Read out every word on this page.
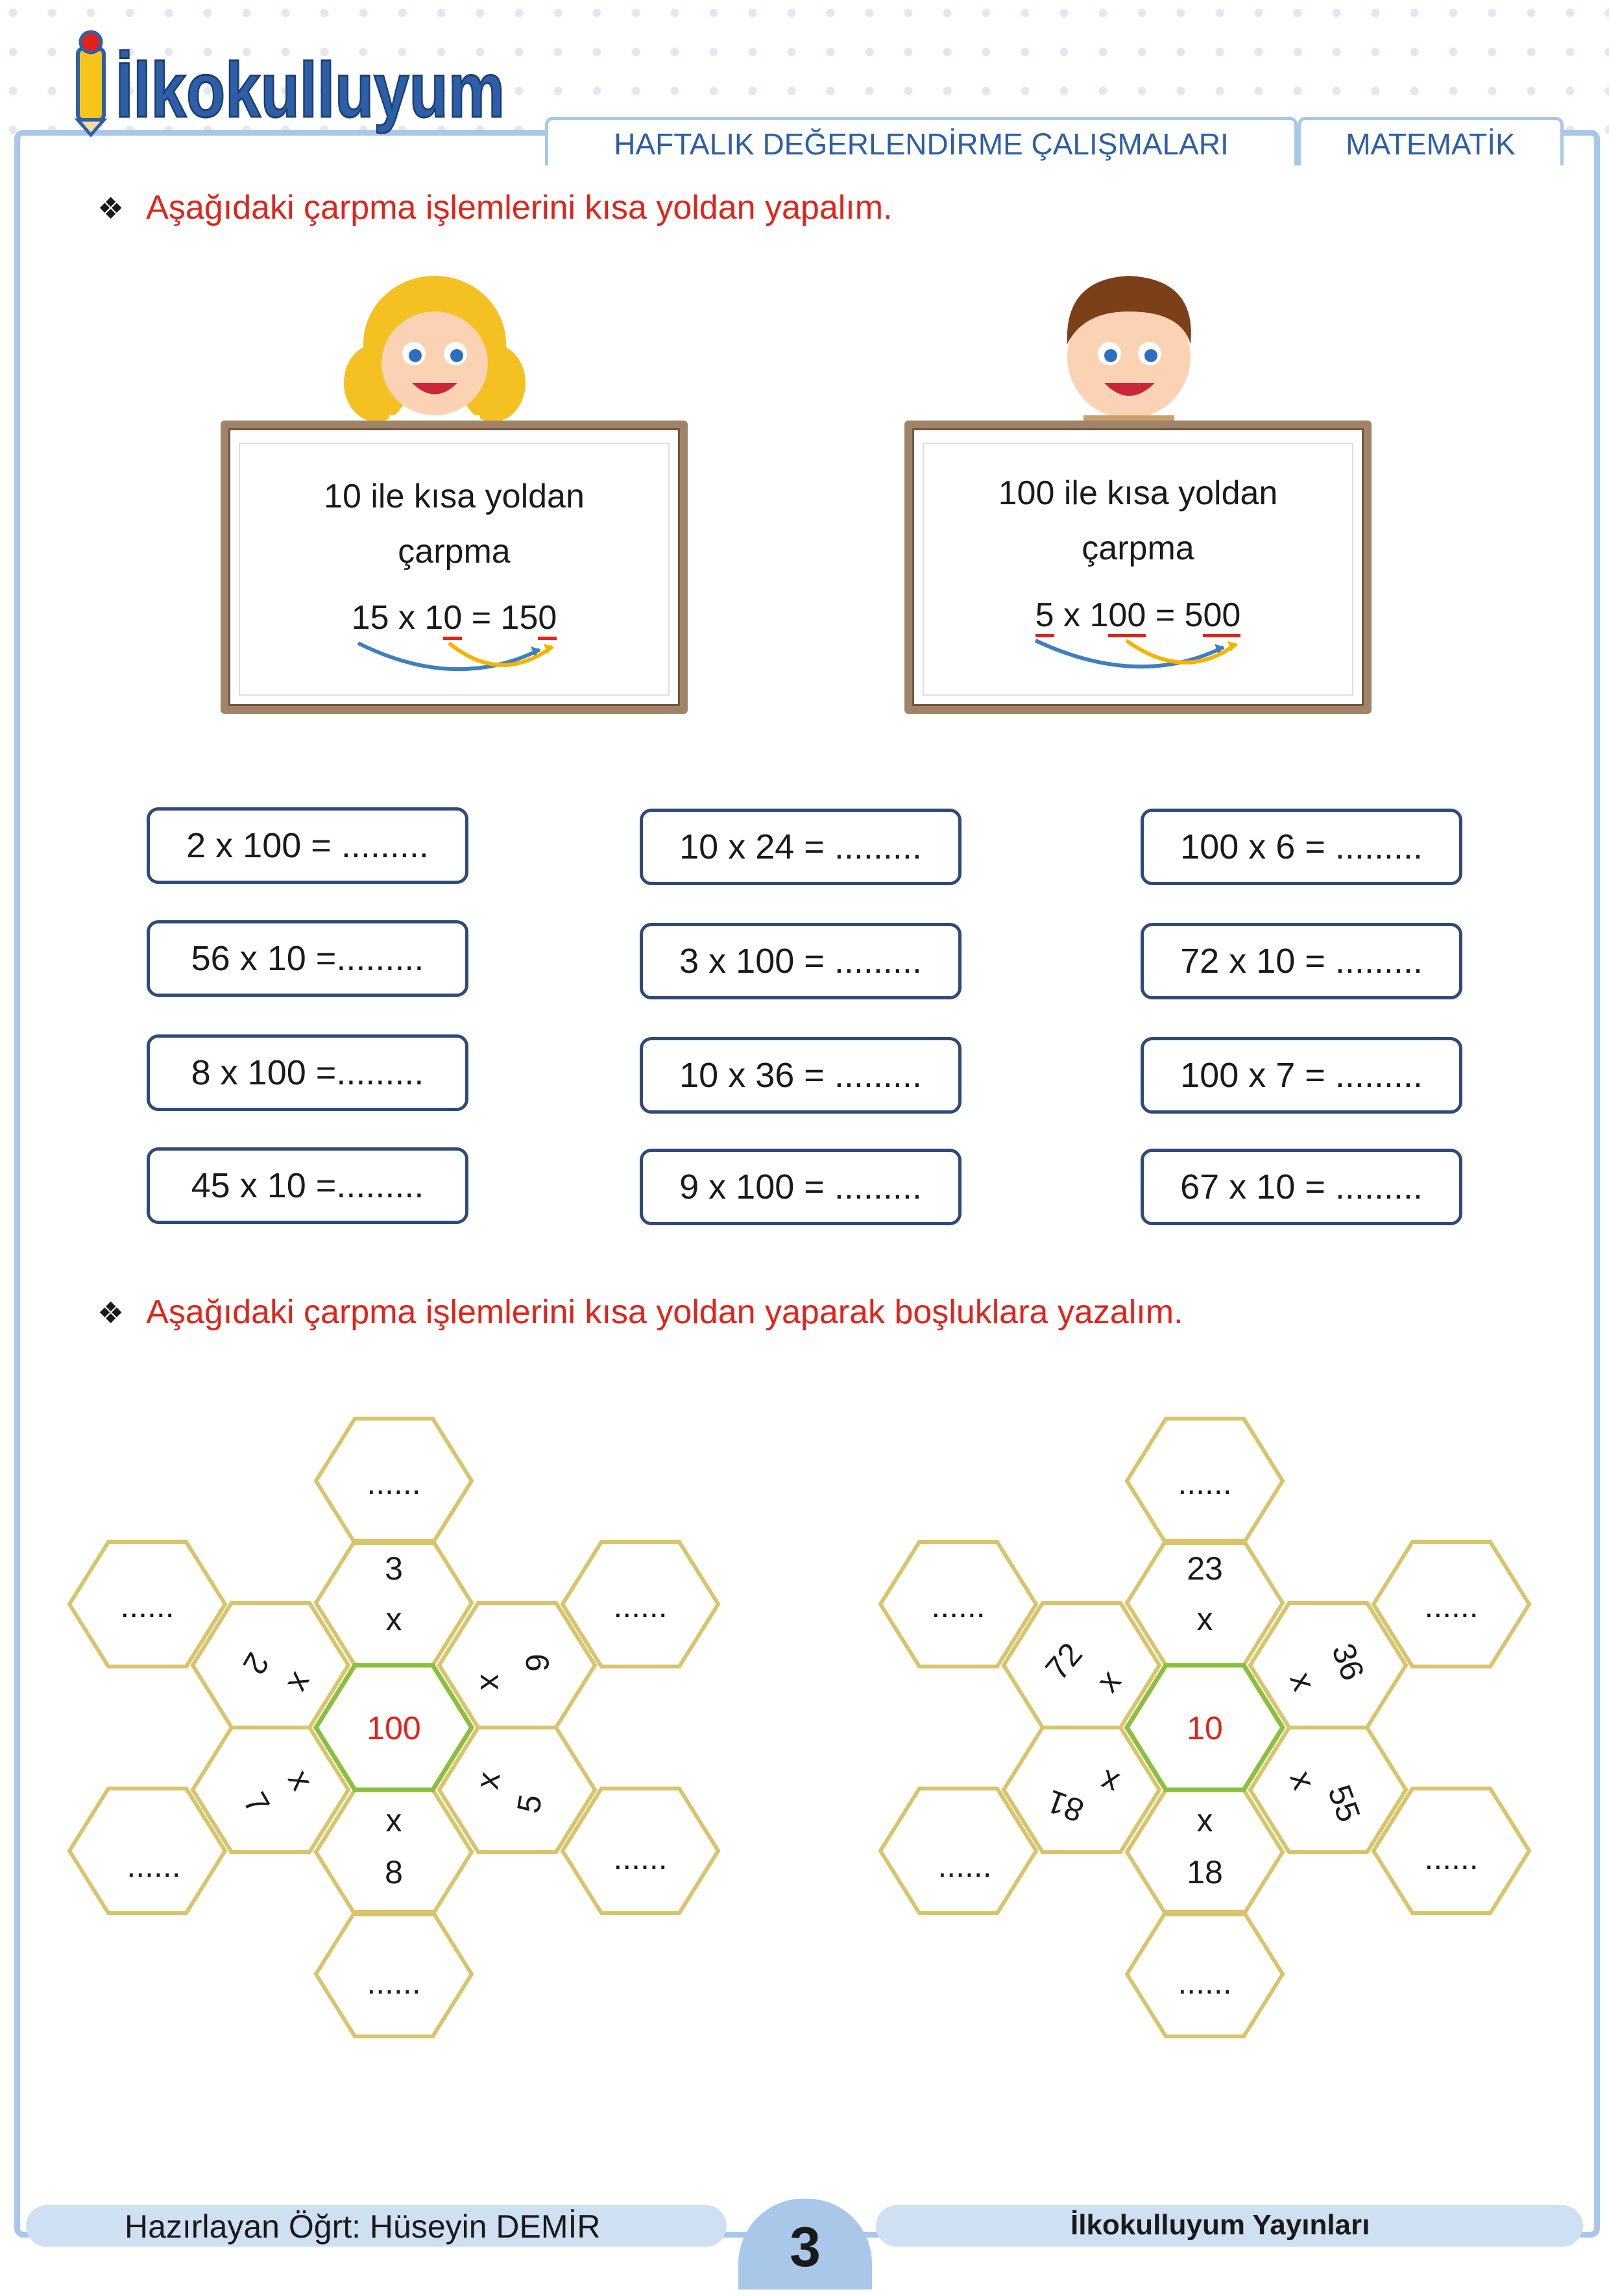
İlkokulluyum
HAFTALIK DEĞERLENDİRME ÇALIŞMALARI	MATEMATİK
❖ Aşağıdaki çarpma işlemlerini kısa yoldan yapalım.
10 ile kısa yoldan
çarpma
15 x 10 = 150
100 ile kısa yoldan
çarpma
5 x 100 = 500
2 x 100 = .........	10 x 24 = .........	100 x 6 = .........
56 x 10 =.........	3 x 100 = .........	72 x 10 = .........
8 x 100 =.........	10 x 36 = .........	100 x 7 = .........
45 x 10 =.........	9 x 100 = .........	67 x 10 = .........
❖ Aşağıdaki çarpma işlemlerini kısa yoldan yaparak boşluklara yazalım.
100
3
x
x
8
2
x
6
x
7
x
5
x
......
......	......
......	......
......
10
23
x
x
18
72 x	36
x
81
x	55
x
......
......	......
......	......
......
Hazırlayan Öğrt: Hüseyin DEMİR	3	İlkokulluyum Yayınları
